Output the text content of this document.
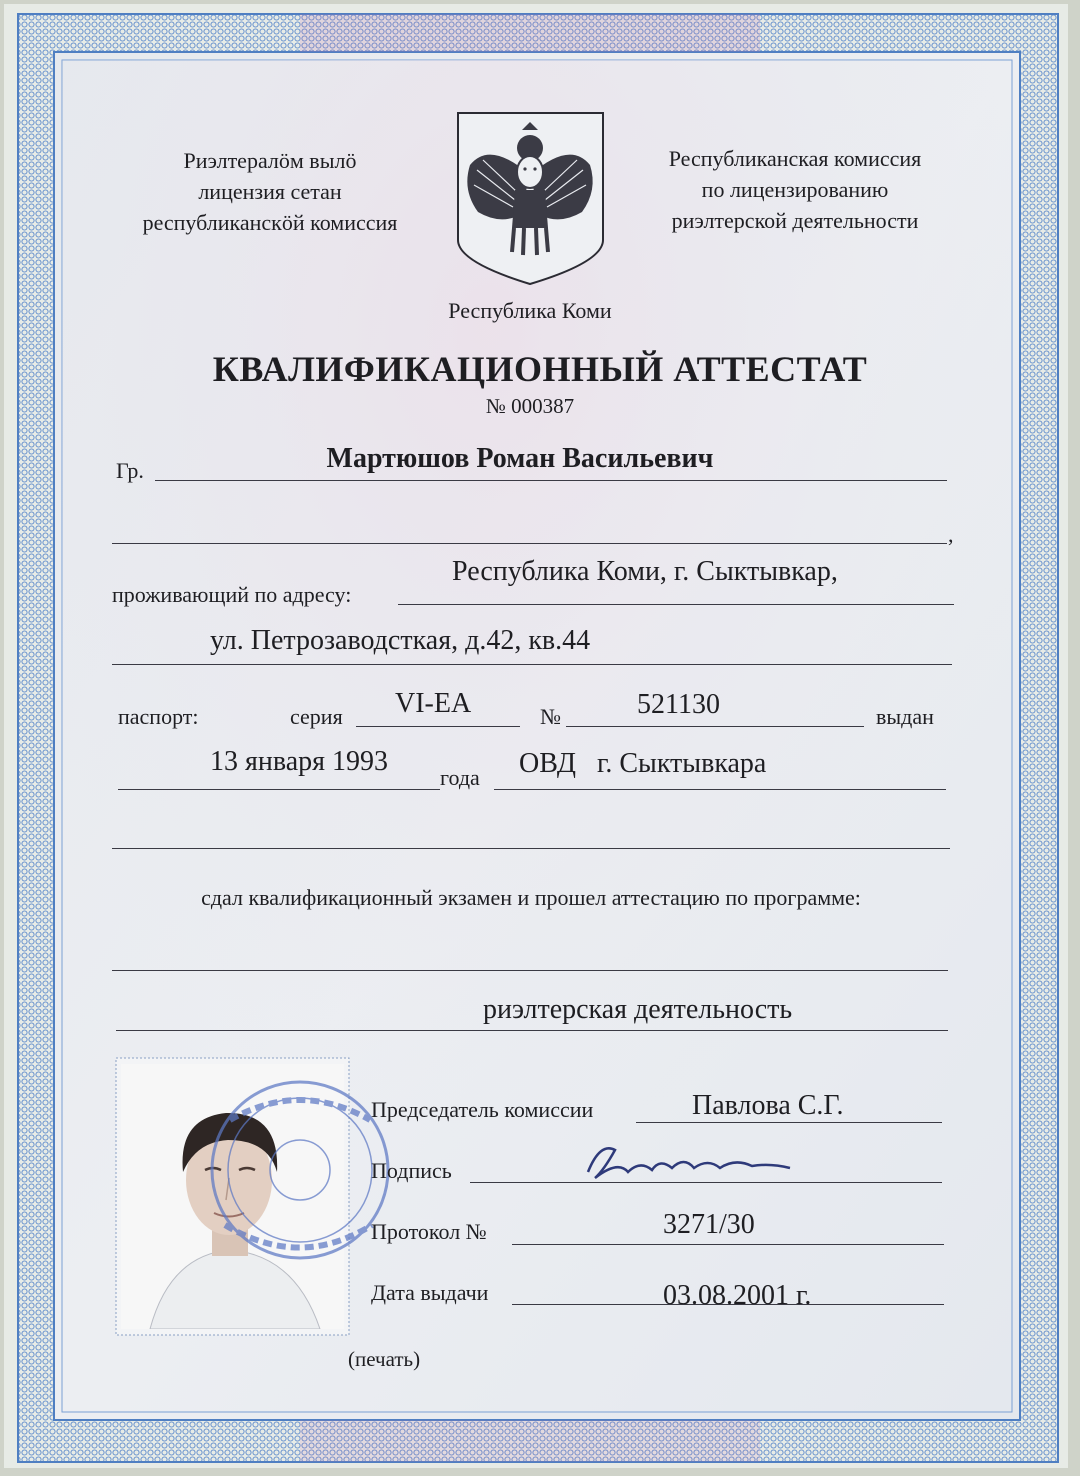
Риэлтeралӧм вылӧ
лицензия сетан
республиканскӧй комиссия
Республиканская комиссия
по лицензированию
риэлтерской деятельности
Республика Коми
КВАЛИФИКАЦИОННЫЙ АТТЕСТАТ
№ 000387
Гр.	Мартюшов Роман Васильевич
,
проживающий по адресу:
Республика Коми, г. Сыктывкар,
ул. Петрозаводсткая, д.42, кв.44
паспорт:	серия VI-ЕА	№	521130	выдан
13 января 1993
года ОВД г. Сыктывкара
сдал квалификационный экзамен и прошел аттестацию по программе:
риэлтерская деятельность
Председатель комиссии	Павлова С.Г.
Подпись
Протокол №	3271/30
Дата выдачи	03.08.2001 г.
(печать)
